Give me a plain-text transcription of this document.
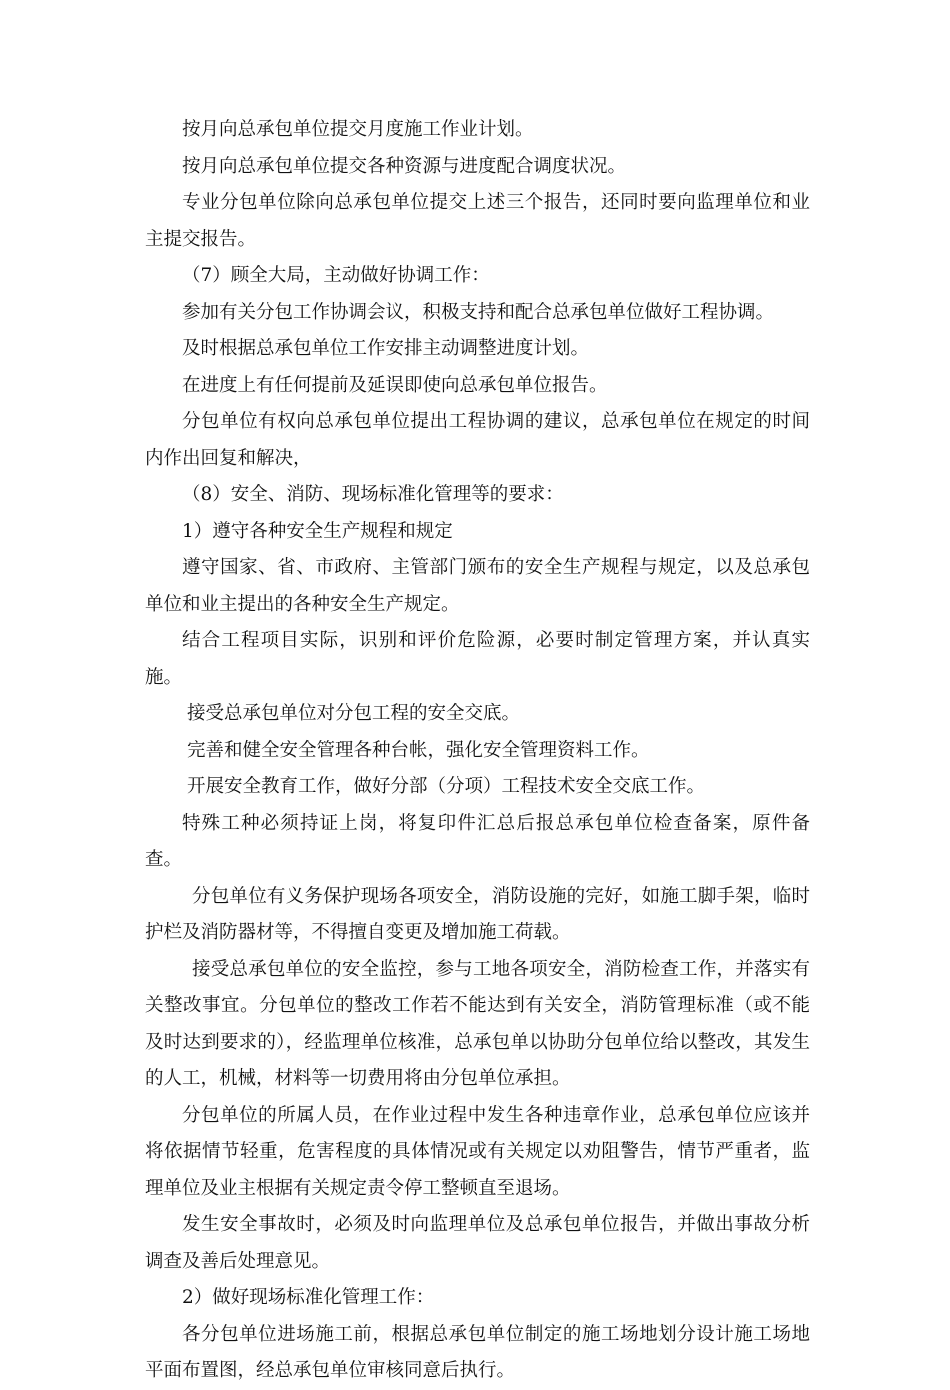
按月向总承包单位提交月度施工作业计划。

按月向总承包单位提交各种资源与进度配合调度状况。

专业分包单位除向总承包单位提交上述三个报告，还同时要向监理单位和业主提交报告。

（7）顾全大局，主动做好协调工作：

参加有关分包工作协调会议，积极支持和配合总承包单位做好工程协调。

及时根据总承包单位工作安排主动调整进度计划。

在进度上有任何提前及延误即使向总承包单位报告。

分包单位有权向总承包单位提出工程协调的建议，总承包单位在规定的时间内作出回复和解决，

（8）安全、消防、现场标准化管理等的要求：

1）遵守各种安全生产规程和规定

遵守国家、省、市政府、主管部门颁布的安全生产规程与规定，以及总承包单位和业主提出的各种安全生产规定。

结合工程项目实际，识别和评价危险源，必要时制定管理方案，并认真实施。

接受总承包单位对分包工程的安全交底。

完善和健全安全管理各种台帐，强化安全管理资料工作。

开展安全教育工作，做好分部（分项）工程技术安全交底工作。

特殊工种必须持证上岗，将复印件汇总后报总承包单位检查备案，原件备查。

分包单位有义务保护现场各项安全，消防设施的完好，如施工脚手架，临时护栏及消防器材等，不得擅自变更及增加施工荷载。

接受总承包单位的安全监控，参与工地各项安全，消防检查工作，并落实有关整改事宜。分包单位的整改工作若不能达到有关安全，消防管理标准（或不能及时达到要求的），经监理单位核准，总承包单以协助分包单位给以整改，其发生的人工，机械，材料等一切费用将由分包单位承担。

分包单位的所属人员，在作业过程中发生各种违章作业，总承包单位应该并将依据情节轻重，危害程度的具体情况或有关规定以劝阻警告，情节严重者，监理单位及业主根据有关规定责令停工整顿直至退场。

发生安全事故时，必须及时向监理单位及总承包单位报告，并做出事故分析调查及善后处理意见。

2）做好现场标准化管理工作：

各分包单位进场施工前，根据总承包单位制定的施工场地划分设计施工场地平面布置图，经总承包单位审核同意后执行。
